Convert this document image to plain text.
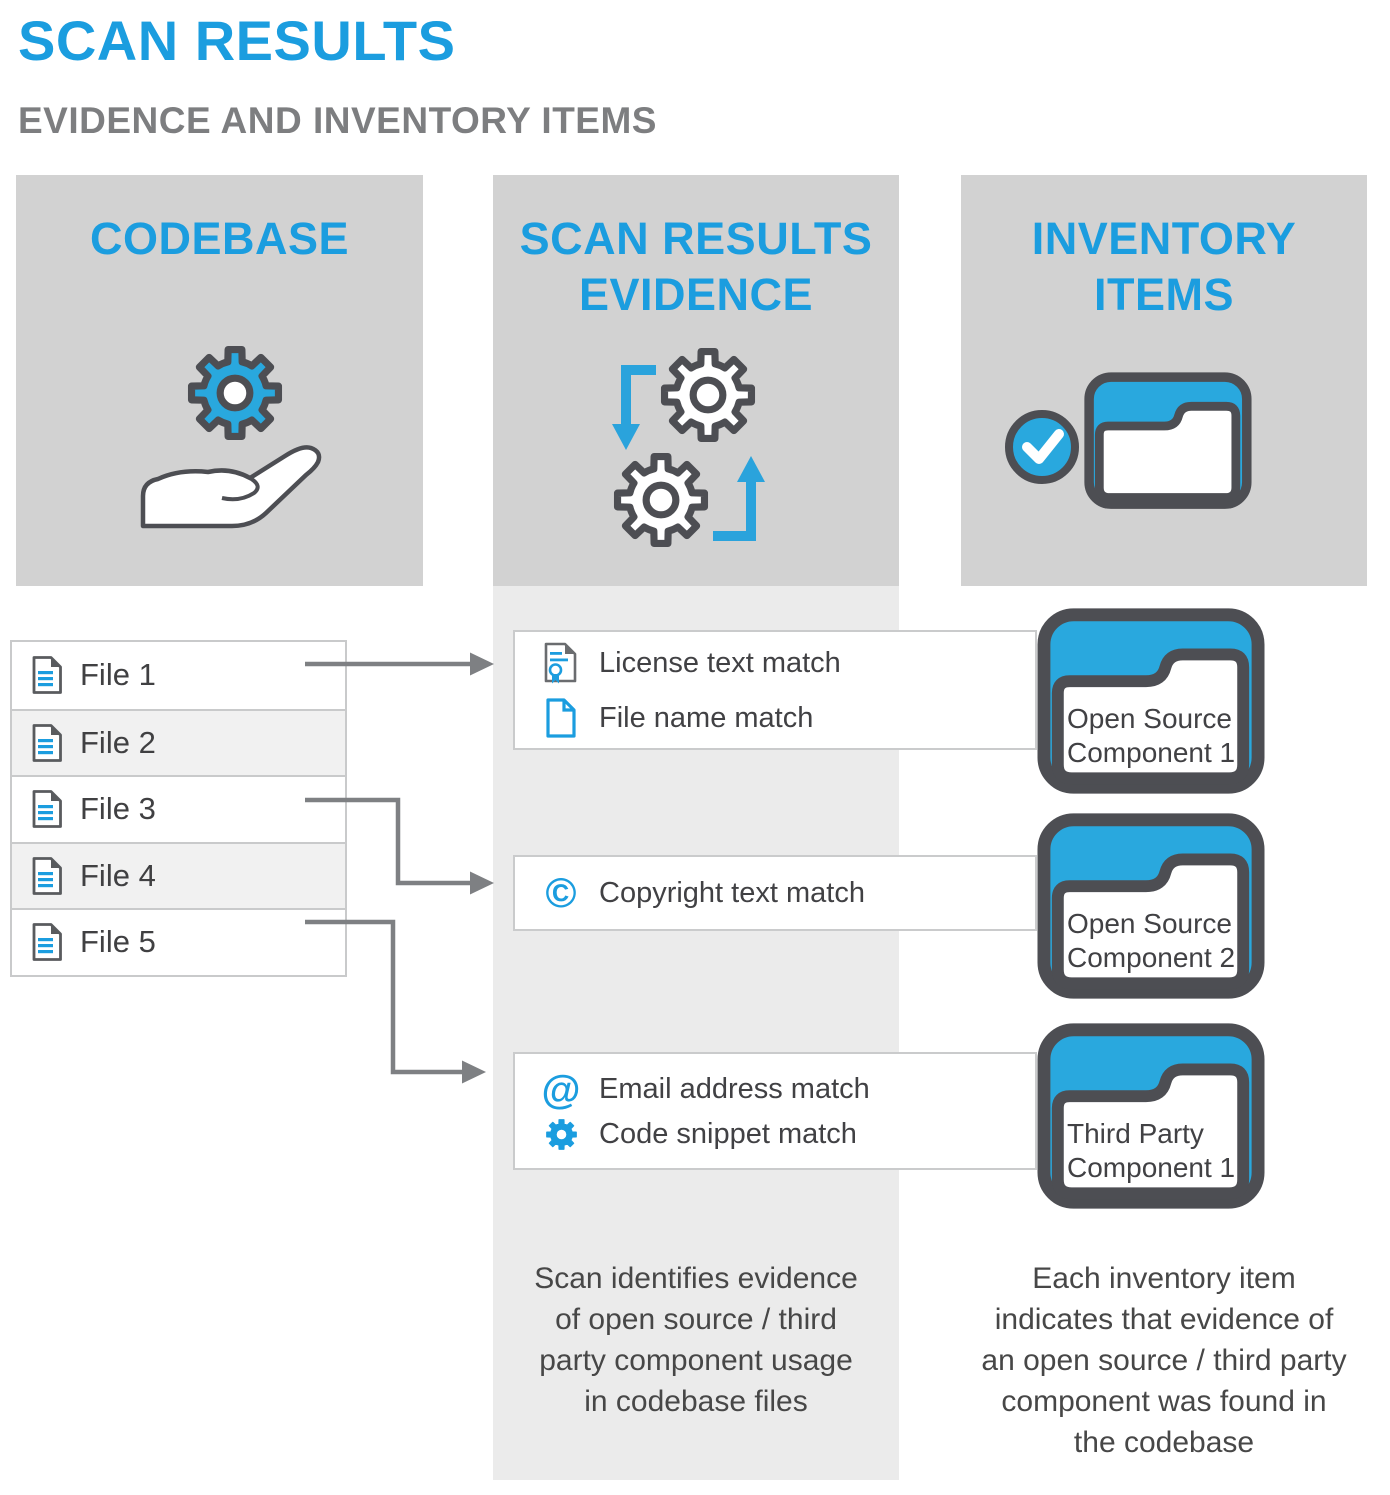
SCAN RESULTS
EVIDENCE AND INVENTORY ITEMS
CODEBASE	SCAN RESULTS
EVIDENCE
INVENTORY
ITEMS
File 1
File 2
File 3
File 4
File 5
License text match
File name match
© Copyright text match
@ Email address match
Code snippet match
Open Source
Component 1
Open Source
Component 2
Third Party
Component 1
Scan identifies evidence
of open source / third
party component usage
in codebase files
Each inventory item
indicates that evidence of
an open source / third party
component was found in
the codebase
